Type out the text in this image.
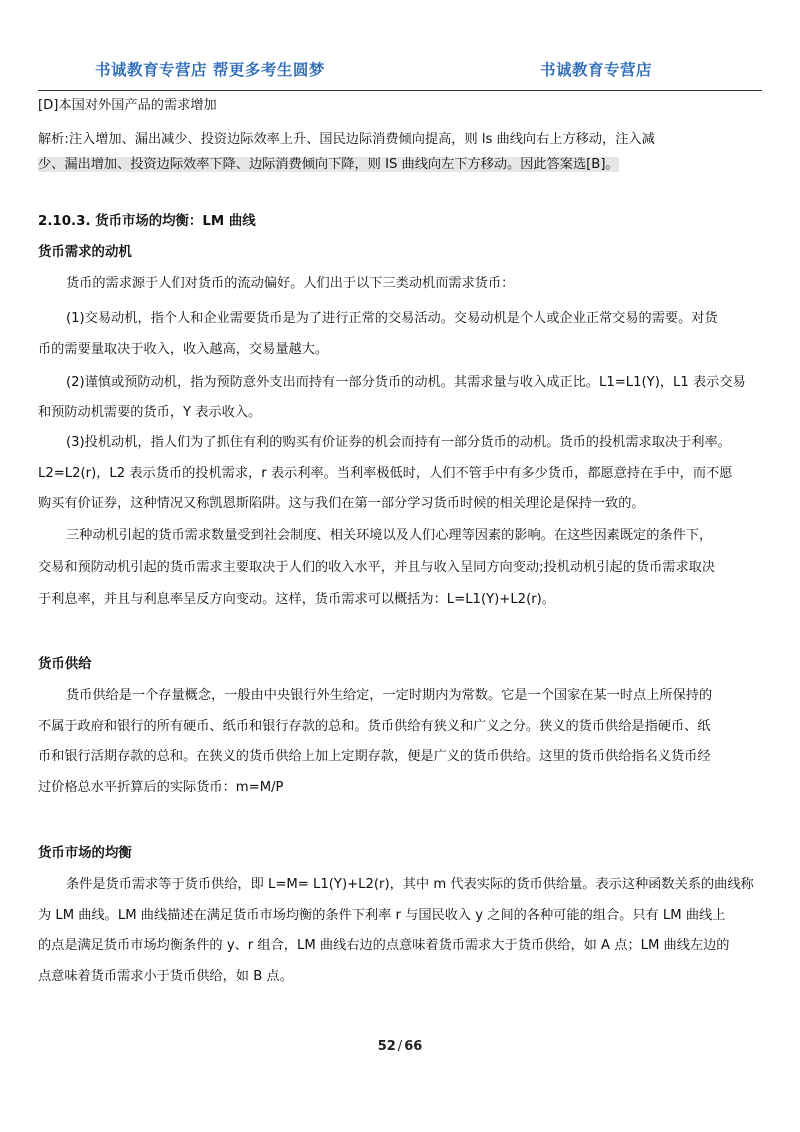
书诚教育专营店 帮更多考生圆梦	书诚教育专营店
[D]本国对外国产品的需求增加
解析:注入增加、漏出减少、投资边际效率上升、国民边际消费倾向提高，则 ls 曲线向右上方移动，注入减
少、漏出增加、投资边际效率下降、边际消费倾向下降，则 IS 曲线向左下方移动。因此答案选[B]。
2.10.3. 货币市场的均衡：LM 曲线
货币需求的动机
货币的需求源于人们对货币的流动偏好。人们出于以下三类动机而需求货币：
(1)交易动机，指个人和企业需要货币是为了进行正常的交易活动。交易动机是个人或企业正常交易的需要。对货
币的需要量取决于收入，收入越高，交易量越大。
(2)谨慎或预防动机，指为预防意外支出而持有一部分货币的动机。其需求量与收入成正比。L1=L1(Y)，L1 表示交易
和预防动机需要的货币，Y 表示收入。
(3)投机动机，指人们为了抓住有利的购买有价证券的机会而持有一部分货币的动机。货币的投机需求取决于利率。
L2=L2(r)，L2 表示货币的投机需求，r 表示利率。当利率极低时，人们不管手中有多少货币，都愿意持在手中，而不愿
购买有价证券，这种情况又称凯恩斯陷阱。这与我们在第一部分学习货币时候的相关理论是保持一致的。
三种动机引起的货币需求数量受到社会制度、相关环境以及人们心理等因素的影响。在这些因素既定的条件下，
交易和预防动机引起的货币需求主要取决于人们的收入水平，并且与收入呈同方向变动;投机动机引起的货币需求取决
于利息率，并且与利息率呈反方向变动。这样，货币需求可以概括为：L=L1(Y)+L2(r)。
货币供给
货币供给是一个存量概念，一般由中央银行外生给定，一定时期内为常数。它是一个国家在某一时点上所保持的
不属于政府和银行的所有硬币、纸币和银行存款的总和。货币供给有狭义和广义之分。狭义的货币供给是指硬币、纸
币和银行活期存款的总和。在狭义的货币供给上加上定期存款，便是广义的货币供给。这里的货币供给指名义货币经
过价格总水平折算后的实际货币：m=M/P
货币市场的均衡
条件是货币需求等于货币供给，即 L=M= L1(Y)+L2(r)，其中 m 代表实际的货币供给量。表示这种函数关系的曲线称
为 LM 曲线。LM 曲线描述在满足货币市场均衡的条件下利率 r 与国民收入 y 之间的各种可能的组合。只有 LM 曲线上
的点是满足货币市场均衡条件的 y、r 组合，LM 曲线右边的点意味着货币需求大于货币供给，如 A 点；LM 曲线左边的
点意味着货币需求小于货币供给，如 B 点。
52 / 66
